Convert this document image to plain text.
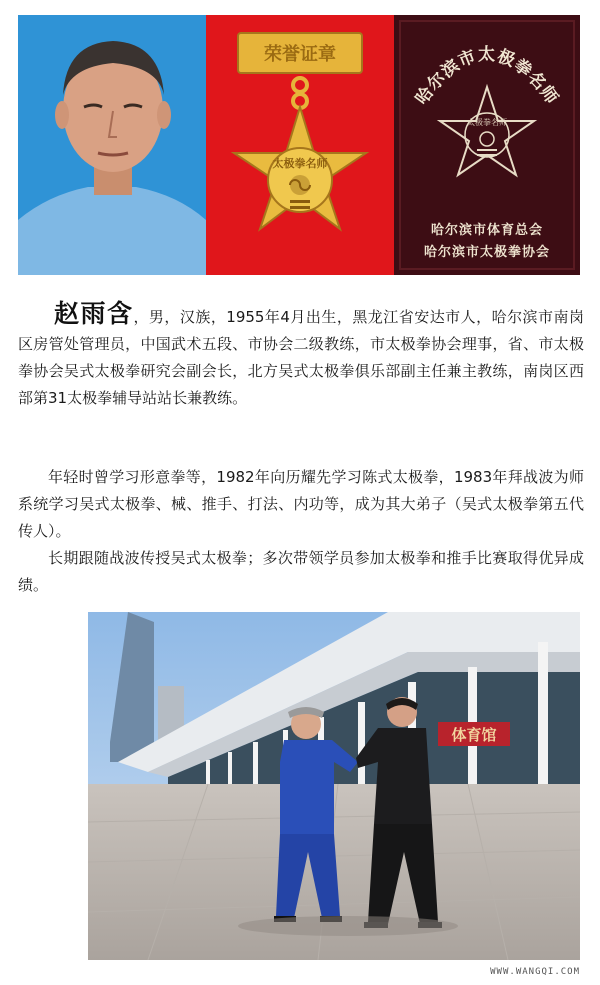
荣誉证章
太极拳名师
哈尔滨市太极拳名师
太极拳名师
哈尔滨市体育总会
哈尔滨市太极拳协会
赵雨含，男，汉族，1955年4月出生，黑龙江省安达市人，哈尔滨市南岗区房管处管理员，中国武术五段、市协会二级教练，市太极拳协会理事，省、市太极拳协会吴式太极拳研究会副会长，北方吴式太极拳俱乐部副主任兼主教练，南岗区西部第31太极拳辅导站站长兼教练。
年轻时曾学习形意拳等，1982年向历耀先学习陈式太极拳，1983年拜战波为师系统学习吴式太极拳、械、推手、打法、内功等，成为其大弟子（吴式太极拳第五代传人）。
长期跟随战波传授吴式太极拳；多次带领学员参加太极拳和推手比赛取得优异成绩。
体育馆
WWW.WANGQI.COM
